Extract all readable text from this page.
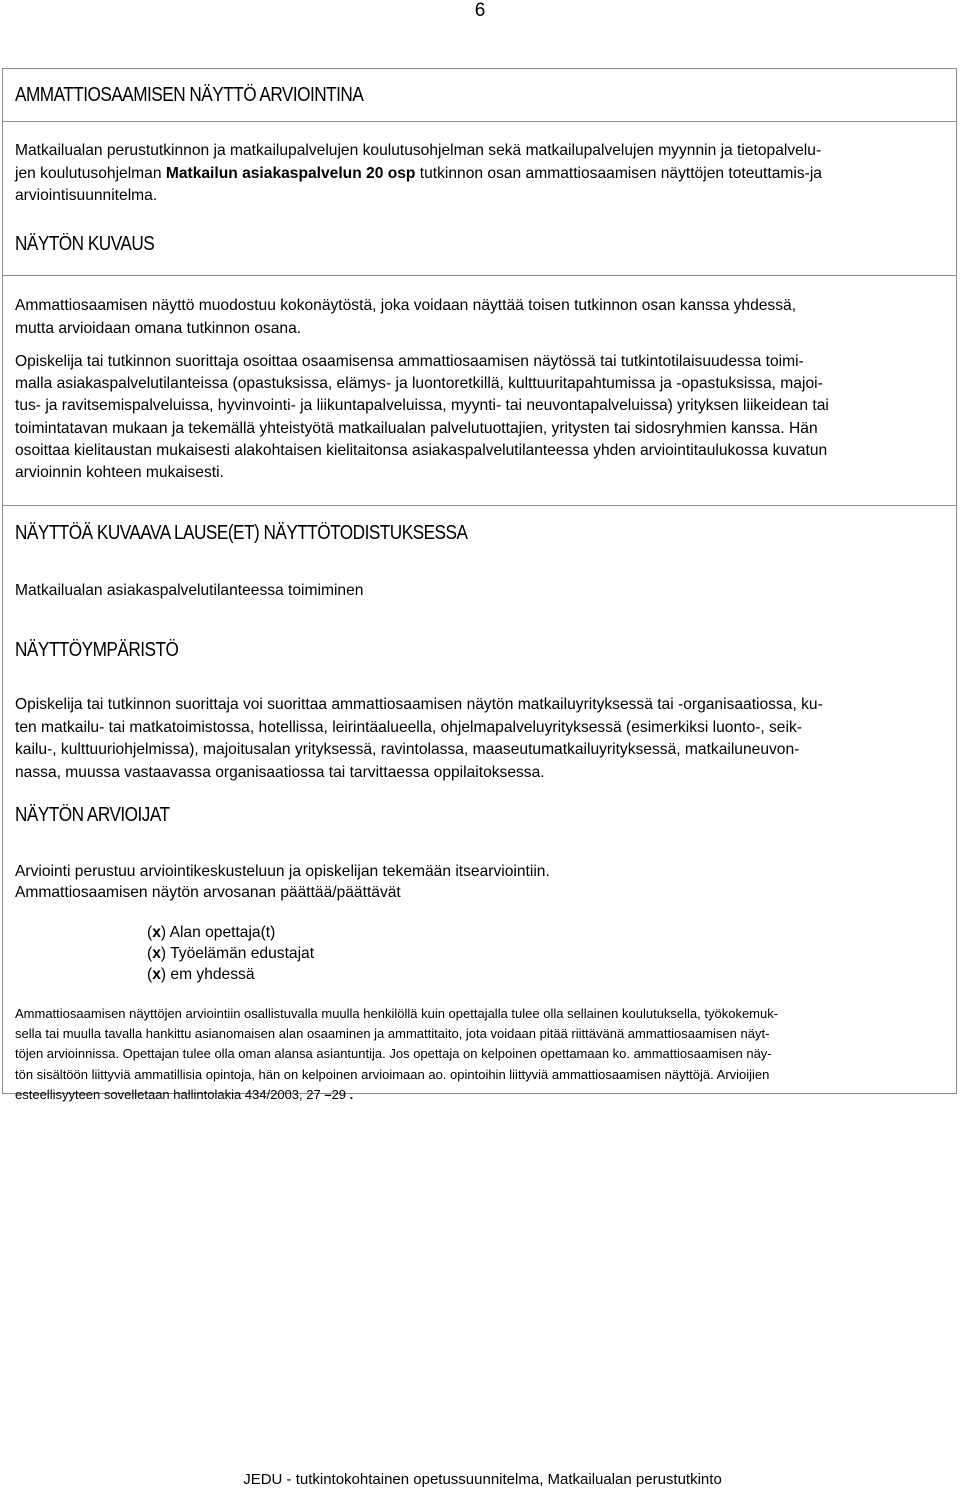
6
AMMATTIOSAAMISEN NÄYTTÖ ARVIOINTINA
Matkailualan perustutkinnon ja matkailupalvelujen koulutusohjelman sekä matkailupalvelujen myynnin ja tietopalvelu-
jen koulutusohjelman Matkailun asiakaspalvelun 20 osp tutkinnon osan ammattiosaamisen näyttöjen toteuttamis-ja
arviointisuunnitelma.
NÄYTÖN KUVAUS
Ammattiosaamisen näyttö muodostuu kokonäytöstä, joka voidaan näyttää toisen tutkinnon osan kanssa yhdessä,
mutta arvioidaan omana tutkinnon osana.
Opiskelija tai tutkinnon suorittaja osoittaa osaamisensa ammattiosaamisen näytössä tai tutkintotilaisuudessa toimi-
malla asiakaspalvelutilanteissa (opastuksissa, elämys- ja luontoretkillä, kulttuuritapahtumissa ja -opastuksissa, majoi-
tus- ja ravitsemispalveluissa, hyvinvointi- ja liikuntapalveluissa, myynti- tai neuvontapalveluissa) yrityksen liikeidean tai
toimintatavan mukaan ja tekemällä yhteistyötä matkailualan palvelutuottajien, yritysten tai sidosryhmien kanssa. Hän
osoittaa kielitaustan mukaisesti alakohtaisen kielitaitonsa asiakaspalvelutilanteessa yhden arviointitaulukossa kuvatun
arvioinnin kohteen mukaisesti.
NÄYTTÖÄ KUVAAVA LAUSE(ET) NÄYTTÖTODISTUKSESSA
Matkailualan asiakaspalvelutilanteessa toimiminen
NÄYTTÖYMPÄRISTÖ
Opiskelija tai tutkinnon suorittaja voi suorittaa ammattiosaamisen näytön matkailuyrityksessä tai -organisaatiossa, ku-
ten matkailu- tai matkatoimistossa, hotellissa, leirintäalueella, ohjelmapalveluyrityksessä (esimerkiksi luonto-, seik-
kailu-, kulttuuriohjelmissa), majoitusalan yrityksessä, ravintolassa, maaseutumatkailuyrityksessä, matkailuneuvon-
nassa, muussa vastaavassa organisaatiossa tai tarvittaessa oppilaitoksessa.
NÄYTÖN ARVIOIJAT
Arviointi perustuu arviointikeskusteluun ja opiskelijan tekemään itsearviointiin.
Ammattiosaamisen näytön arvosanan päättää/päättävät
(x) Alan opettaja(t)
(x) Työelämän edustajat
(x) em yhdessä
Ammattiosaamisen näyttöjen arviointiin osallistuvalla muulla henkilöllä kuin opettajalla tulee olla sellainen koulutuksella, työkokemuk-
sella tai muulla tavalla hankittu asianomaisen alan osaaminen ja ammattitaito, jota voidaan pitää riittävänä ammattiosaamisen näyt-
töjen arvioinnissa. Opettajan tulee olla oman alansa asiantuntija. Jos opettaja on kelpoinen opettamaan ko. ammattiosaamisen näy-
tön sisältöön liittyviä ammatillisia opintoja, hän on kelpoinen arvioimaan ao. opintoihin liittyviä ammattiosaamisen näyttöjä. Arvioijien
esteellisyyteen sovelletaan hallintolakia 434/2003, 27 –29 .
JEDU - tutkintokohtainen opetussuunnitelma, Matkailualan perustutkinto
